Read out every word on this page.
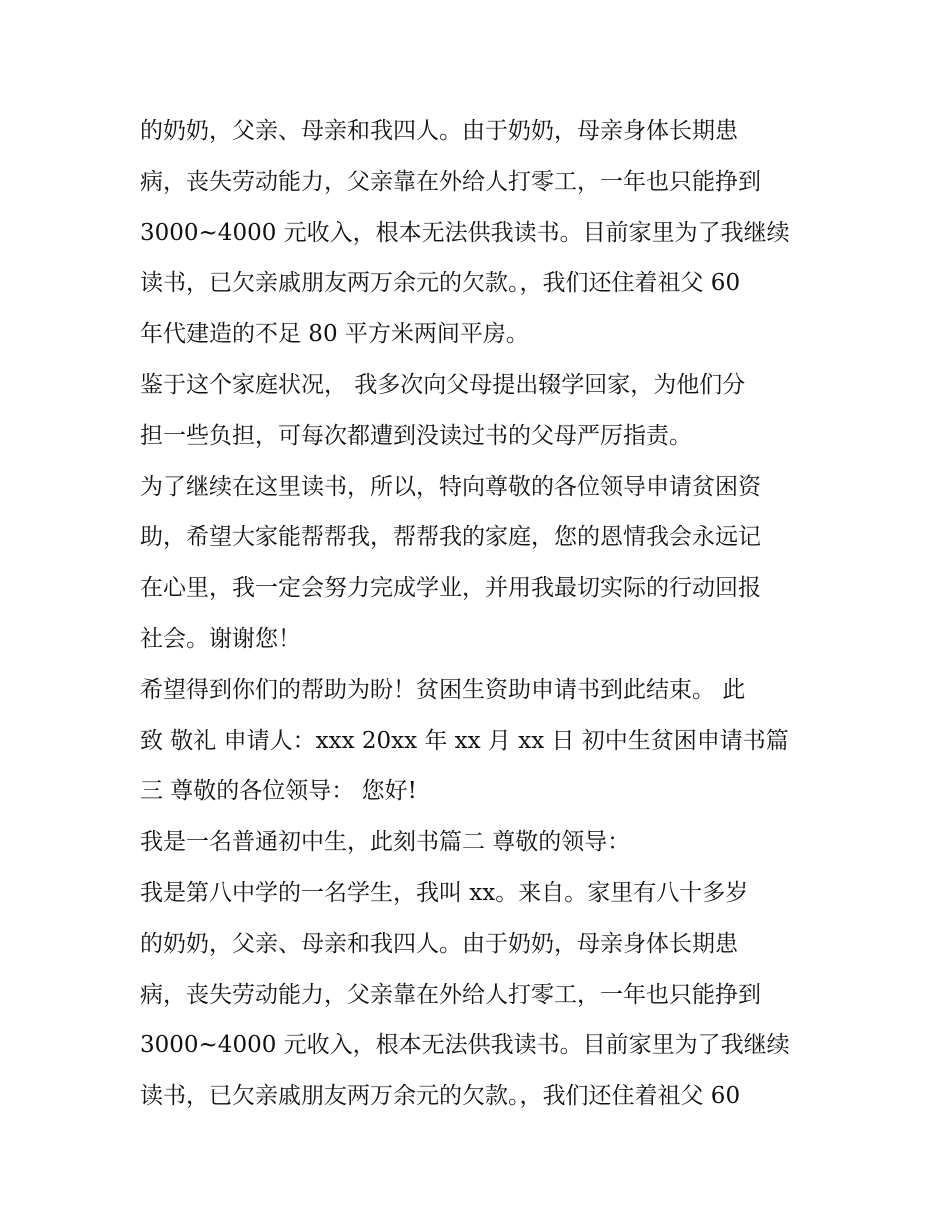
的奶奶，父亲、母亲和我四人。由于奶奶，母亲身体长期患
病，丧失劳动能力，父亲靠在外给人打零工，一年也只能挣到
3000~4000 元收入，根本无法供我读书。目前家里为了我继续
读书，已欠亲戚朋友两万余元的欠款。，我们还住着祖父 60
年代建造的不足 80 平方米两间平房。
鉴于这个家庭状况， 我多次向父母提出辍学回家，为他们分
担一些负担，可每次都遭到没读过书的父母严厉指责。
为了继续在这里读书，所以，特向尊敬的各位领导申请贫困资
助，希望大家能帮帮我，帮帮我的家庭，您的恩情我会永远记
在心里，我一定会努力完成学业，并用我最切实际的行动回报
社会。谢谢您！
希望得到你们的帮助为盼！贫困生资助申请书到此结束。 此
致 敬礼 申请人：xxx 20xx 年 xx 月 xx 日 初中生贫困申请书篇
三 尊敬的各位领导： 您好!
我是一名普通初中生，此刻书篇二 尊敬的领导：
我是第八中学的一名学生，我叫 xx。来自。家里有八十多岁
的奶奶，父亲、母亲和我四人。由于奶奶，母亲身体长期患
病，丧失劳动能力，父亲靠在外给人打零工，一年也只能挣到
3000~4000 元收入，根本无法供我读书。目前家里为了我继续
读书，已欠亲戚朋友两万余元的欠款。，我们还住着祖父 60
